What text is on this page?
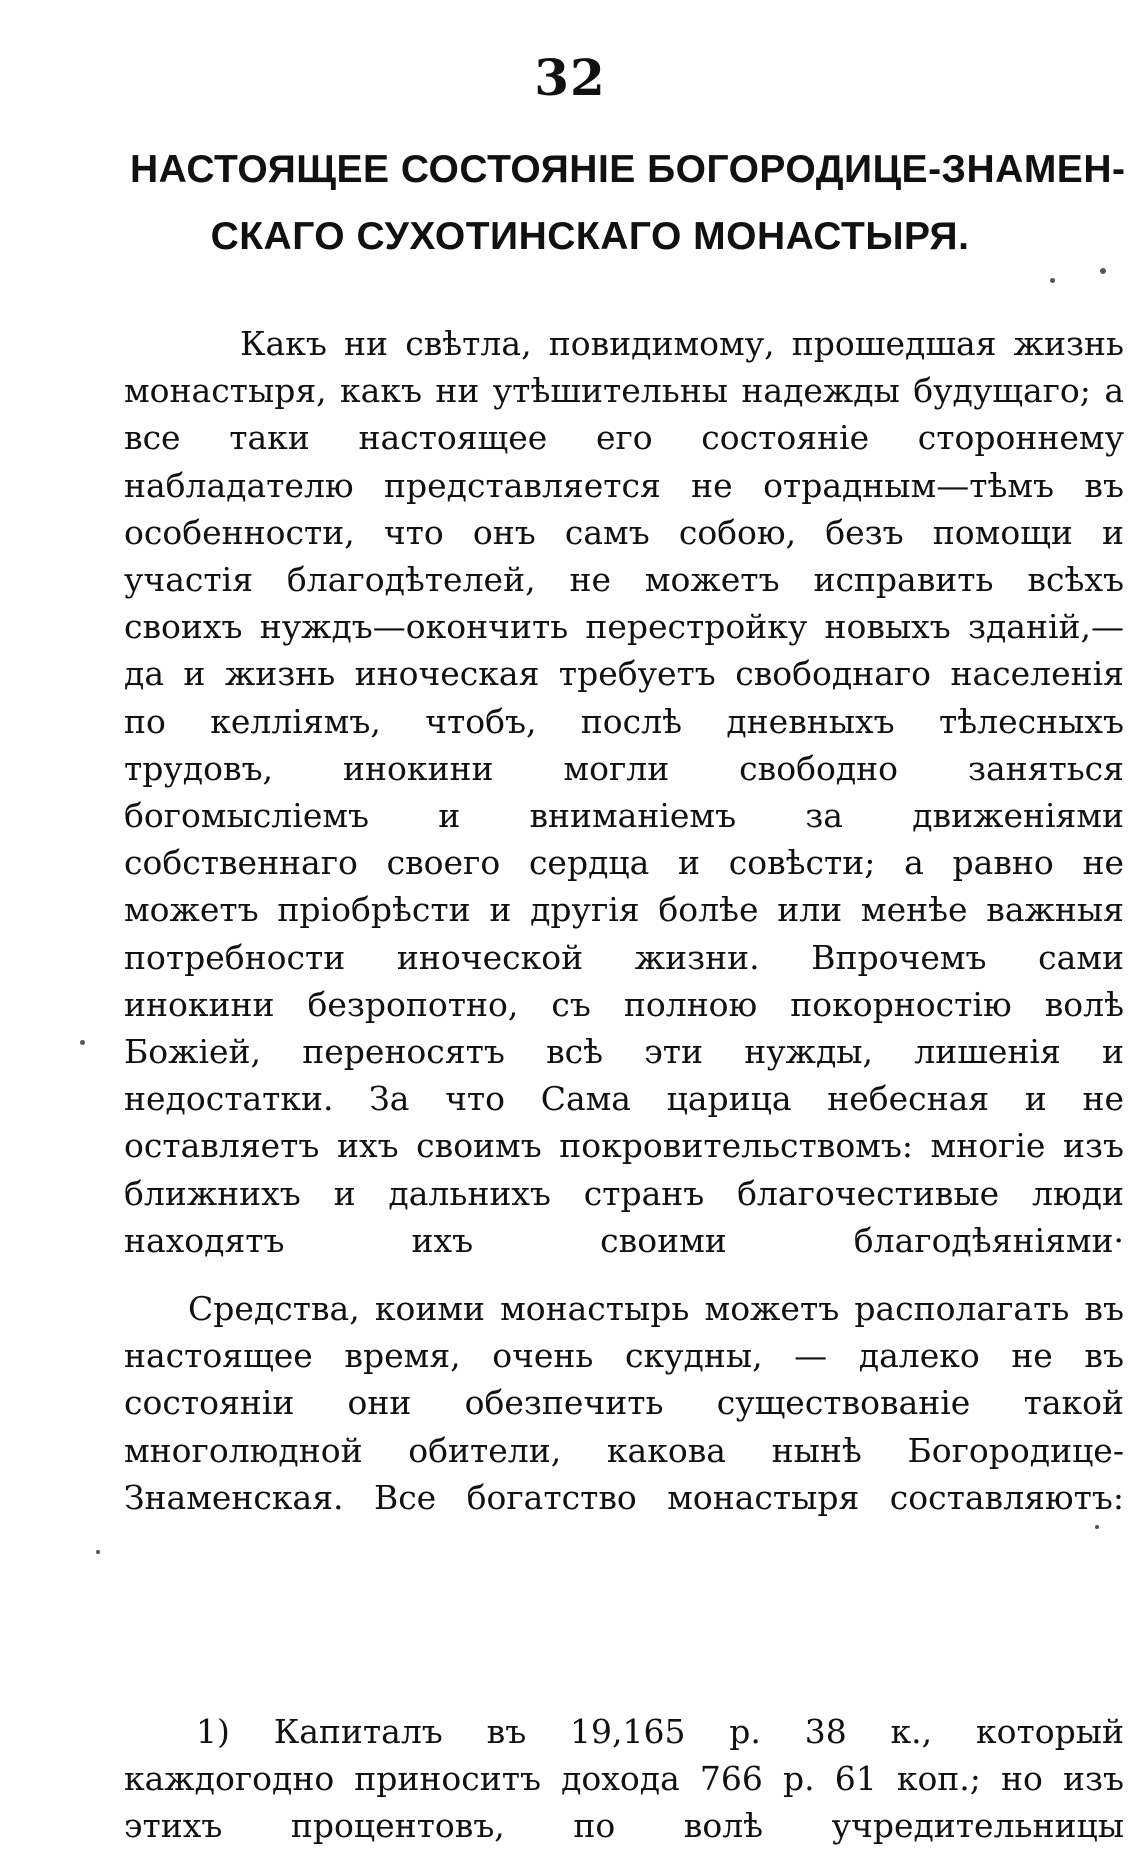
32
НАСТОЯЩЕЕ СОСТОЯНІЕ БОГОРОДИЦЕ-ЗНАМЕН-
СКАГО СУХОТИНСКАГО МОНАСТЫРЯ.

Какъ ни свѣтла, повидимому, прошедшая жизнь монастыря, какъ ни утѣшительны надежды будущаго; а все таки настоящее его состояніе стороннему набладателю представляется не отрадным—тѣмъ въ особенности, что онъ самъ собою, безъ помощи и участія благодѣтелей, не можетъ исправить всѣхъ своихъ нуждъ—окончить перестройку новыхъ зданій,—да и жизнь иноческая требуетъ свободнаго населенія по келліямъ, чтобъ, послѣ дневныхъ тѣлесныхъ трудовъ, инокини могли свободно заняться богомысліемъ и вниманіемъ за движеніями собственнаго своего сердца и совѣсти; а равно не можетъ пріобрѣсти и другія болѣе или менѣе важныя потребности иноческой жизни. Впрочемъ сами инокини безропотно, съ полною покорностію волѣ Божіей, переносятъ всѣ эти нужды, лишенія и недостатки. За что Сама царица небесная и не оставляетъ ихъ своимъ покровительствомъ: многіе изъ ближнихъ и дальнихъ странъ благочестивые люди находятъ ихъ своими благодѣяніями·

Средства, коими монастырь можетъ располагать въ настоящее время, очень скудны, — далеко не въ состояніи они обезпечить существованіе такой многолюдной обители, какова нынѣ Богородице-Знаменская. Все богатство монастыря составляютъ:

1) Капиталъ въ 19,165 р. 38 к., который каждогодно приноситъ дохода 766 р. 61 коп.; но изъ этихъ процентовъ, по волѣ учредительницы
